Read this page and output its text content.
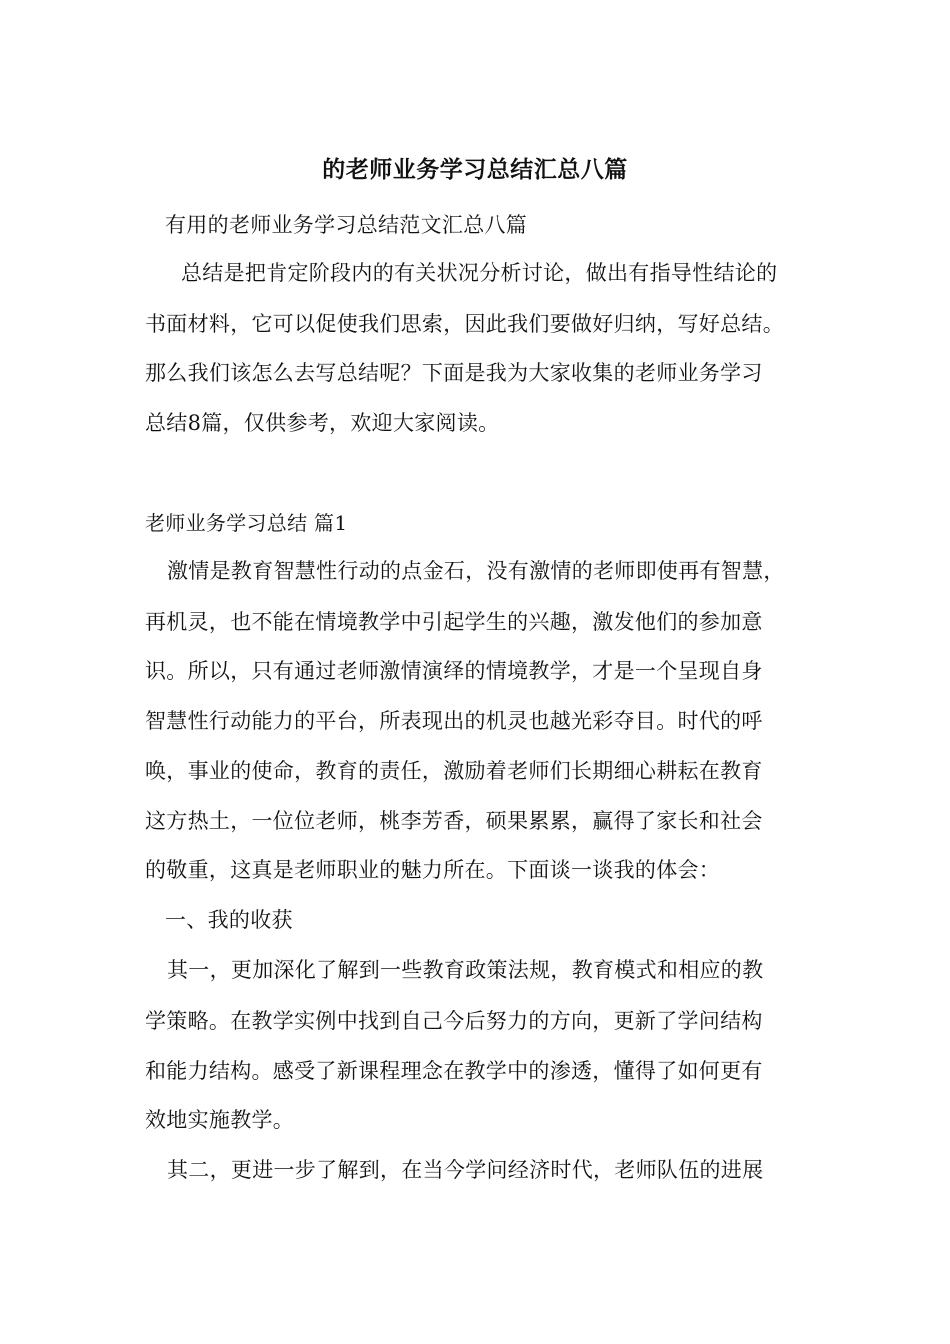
的老师业务学习总结汇总八篇
有用的老师业务学习总结范文汇总八篇
总结是把肯定阶段内的有关状况分析讨论，做出有指导性结论的
书面材料，它可以促使我们思索，因此我们要做好归纳，写好总结。
那么我们该怎么去写总结呢？下面是我为大家收集的老师业务学习
总结8篇，仅供参考，欢迎大家阅读。
老师业务学习总结 篇1
激情是教育智慧性行动的点金石，没有激情的老师即使再有智慧，
再机灵，也不能在情境教学中引起学生的兴趣，激发他们的参加意
识。所以，只有通过老师激情演绎的情境教学，才是一个呈现自身
智慧性行动能力的平台，所表现出的机灵也越光彩夺目。时代的呼
唤，事业的使命，教育的责任，激励着老师们长期细心耕耘在教育
这方热土，一位位老师，桃李芳香，硕果累累，赢得了家长和社会
的敬重，这真是老师职业的魅力所在。下面谈一谈我的体会：
一、我的收获
其一，更加深化了解到一些教育政策法规，教育模式和相应的教
学策略。在教学实例中找到自己今后努力的方向，更新了学问结构
和能力结构。感受了新课程理念在教学中的渗透，懂得了如何更有
效地实施教学。
其二，更进一步了解到，在当今学问经济时代，老师队伍的进展
